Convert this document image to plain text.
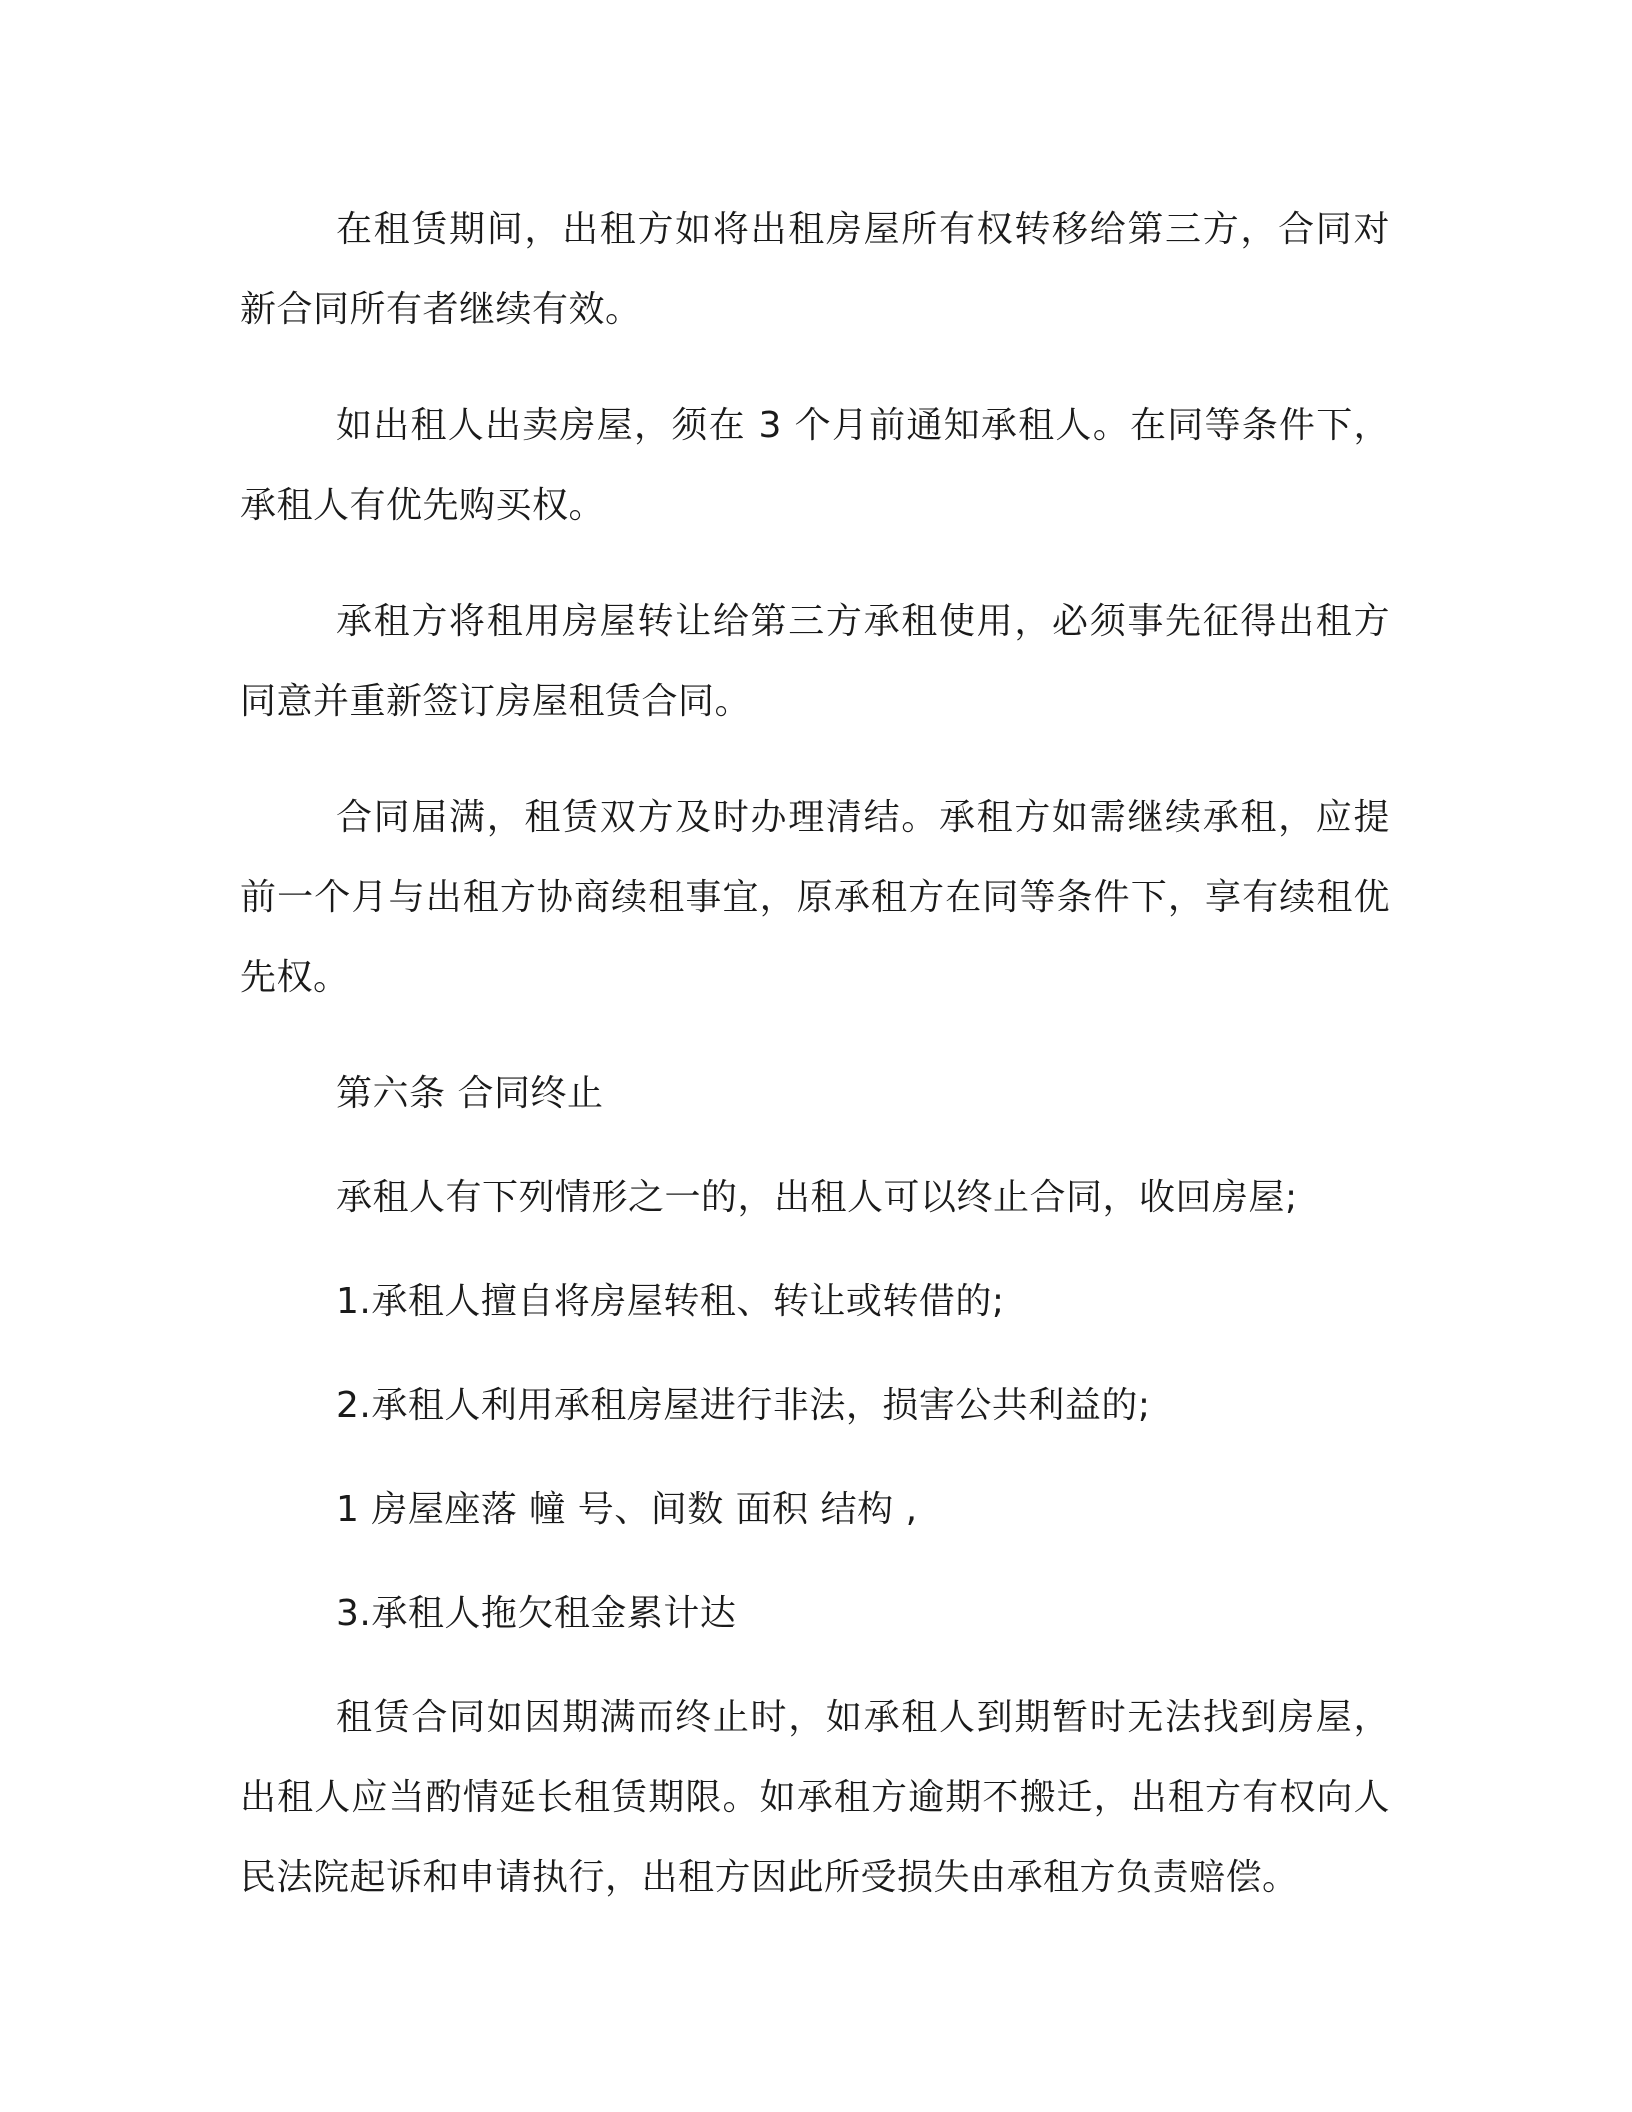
在租赁期间，出租方如将出租房屋所有权转移给第三方，合同对新合同所有者继续有效。

如出租人出卖房屋，须在 3 个月前通知承租人。在同等条件下，承租人有优先购买权。

承租方将租用房屋转让给第三方承租使用，必须事先征得出租方同意并重新签订房屋租赁合同。

合同届满，租赁双方及时办理清结。承租方如需继续承租，应提前一个月与出租方协商续租事宜，原承租方在同等条件下，享有续租优先权。

第六条 合同终止
承租人有下列情形之一的，出租人可以终止合同，收回房屋;
1.承租人擅自将房屋转租、转让或转借的;
2.承租人利用承租房屋进行非法，损害公共利益的;
1 房屋座落 幢 号、间数 面积 结构 ,
3.承租人拖欠租金累计达

租赁合同如因期满而终止时，如承租人到期暂时无法找到房屋，出租人应当酌情延长租赁期限。如承租方逾期不搬迁，出租方有权向人民法院起诉和申请执行，出租方因此所受损失由承租方负责赔偿。
